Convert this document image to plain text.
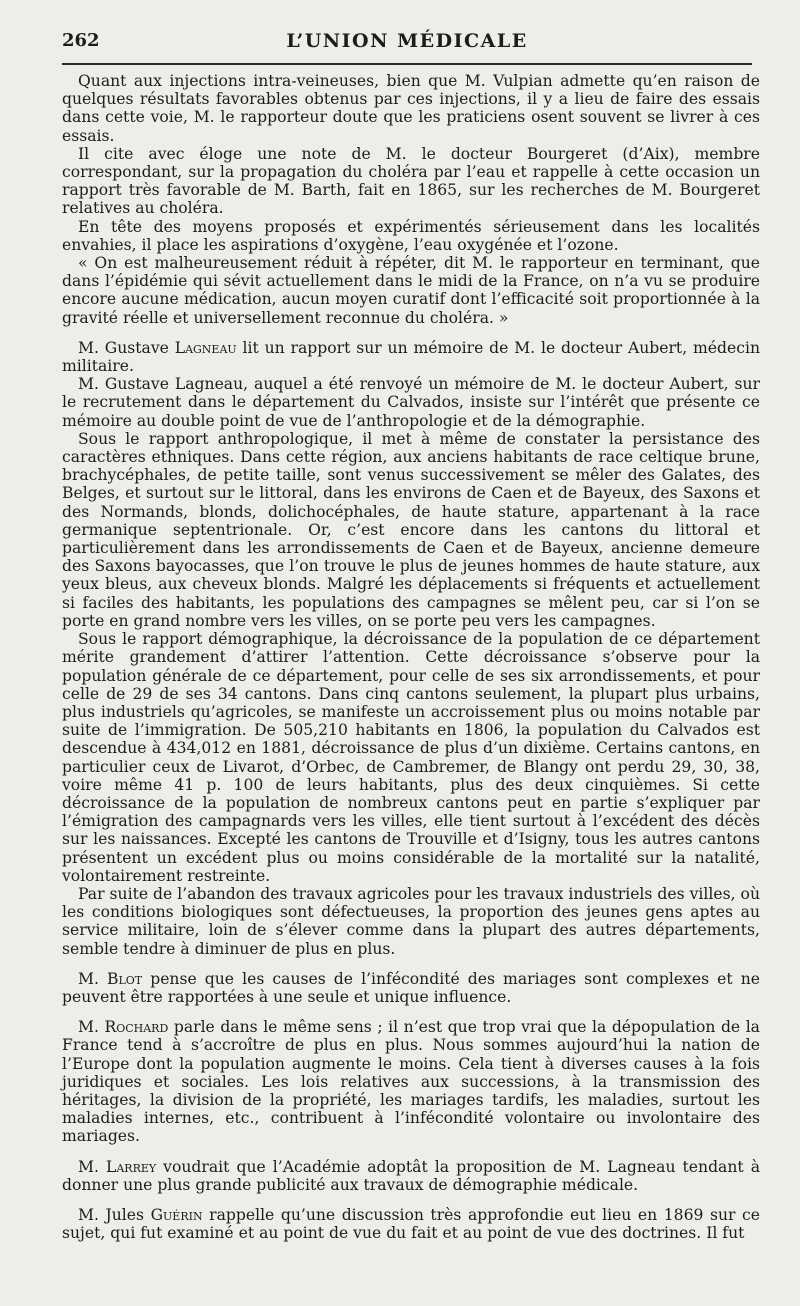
262	L’UNION MÉDICALE

Quant aux injections intra-veineuses, bien que M. Vulpian admette qu’en raison de quelques résultats favorables obtenus par ces injections, il y a lieu de faire des essais dans cette voie, M. le rapporteur doute que les praticiens osent souvent se livrer à ces essais.

Il cite avec éloge une note de M. le docteur Bourgeret (d’Aix), membre correspondant, sur la propagation du choléra par l’eau et rappelle à cette occasion un rapport très favorable de M. Barth, fait en 1865, sur les recherches de M. Bourgeret relatives au choléra.

En tête des moyens proposés et expérimentés sérieusement dans les localités envahies, il place les aspirations d’oxygène, l’eau oxygénée et l’ozone.

« On est malheureusement réduit à répéter, dit M. le rapporteur en terminant, que dans l’épidémie qui sévit actuellement dans le midi de la France, on n’a vu se produire encore aucune médication, aucun moyen curatif dont l’efficacité soit proportionnée à la gravité réelle et universellement reconnue du choléra. »

M. Gustave Lagneau lit un rapport sur un mémoire de M. le docteur Aubert, médecin militaire.

M. Gustave Lagneau, auquel a été renvoyé un mémoire de M. le docteur Aubert, sur le recrutement dans le département du Calvados, insiste sur l’intérêt que présente ce mémoire au double point de vue de l’anthropologie et de la démographie.

Sous le rapport anthropologique, il met à même de constater la persistance des caractères ethniques. Dans cette région, aux anciens habitants de race celtique brune, brachycéphales, de petite taille, sont venus successivement se mêler des Galates, des Belges, et surtout sur le littoral, dans les environs de Caen et de Bayeux, des Saxons et des Normands, blonds, dolichocéphales, de haute stature, appartenant à la race germanique septentrionale. Or, c’est encore dans les cantons du littoral et particulièrement dans les arrondissements de Caen et de Bayeux, ancienne demeure des Saxons bayocasses, que l’on trouve le plus de jeunes hommes de haute stature, aux yeux bleus, aux cheveux blonds. Malgré les déplacements si fréquents et actuellement si faciles des habitants, les populations des campagnes se mêlent peu, car si l’on se porte en grand nombre vers les villes, on se porte peu vers les campagnes.

Sous le rapport démographique, la décroissance de la population de ce département mérite grandement d’attirer l’attention. Cette décroissance s’observe pour la population générale de ce département, pour celle de ses six arrondissements, et pour celle de 29 de ses 34 cantons. Dans cinq cantons seulement, la plupart plus urbains, plus industriels qu’agricoles, se manifeste un accroissement plus ou moins notable par suite de l’immigration. De 505,210 habitants en 1806, la population du Calvados est descendue à 434,012 en 1881, décroissance de plus d’un dixième. Certains cantons, en particulier ceux de Livarot, d’Orbec, de Cambremer, de Blangy ont perdu 29, 30, 38, voire même 41 p. 100 de leurs habitants, plus des deux cinquièmes. Si cette décroissance de la population de nombreux cantons peut en partie s’expliquer par l’émigration des campagnards vers les villes, elle tient surtout à l’excédent des décès sur les naissances. Excepté les cantons de Trouville et d’Isigny, tous les autres cantons présentent un excédent plus ou moins considérable de la mortalité sur la natalité, volontairement restreinte.

Par suite de l’abandon des travaux agricoles pour les travaux industriels des villes, où les conditions biologiques sont défectueuses, la proportion des jeunes gens aptes au service militaire, loin de s’élever comme dans la plupart des autres départements, semble tendre à diminuer de plus en plus.

M. Blot pense que les causes de l’infécondité des mariages sont complexes et ne peuvent être rapportées à une seule et unique influence.

M. Rochard parle dans le même sens ; il n’est que trop vrai que la dépopulation de la France tend à s’accroître de plus en plus. Nous sommes aujourd’hui la nation de l’Europe dont la population augmente le moins. Cela tient à diverses causes à la fois juridiques et sociales. Les lois relatives aux successions, à la transmission des héritages, la division de la propriété, les mariages tardifs, les maladies, surtout les maladies internes, etc., contribuent à l’infécondité volontaire ou involontaire des mariages.

M. Larrey voudrait que l’Académie adoptât la proposition de M. Lagneau tendant à donner une plus grande publicité aux travaux de démographie médicale.

M. Jules Guérin rappelle qu’une discussion très approfondie eut lieu en 1869 sur ce sujet, qui fut examiné et au point de vue du fait et au point de vue des doctrines. Il fut
